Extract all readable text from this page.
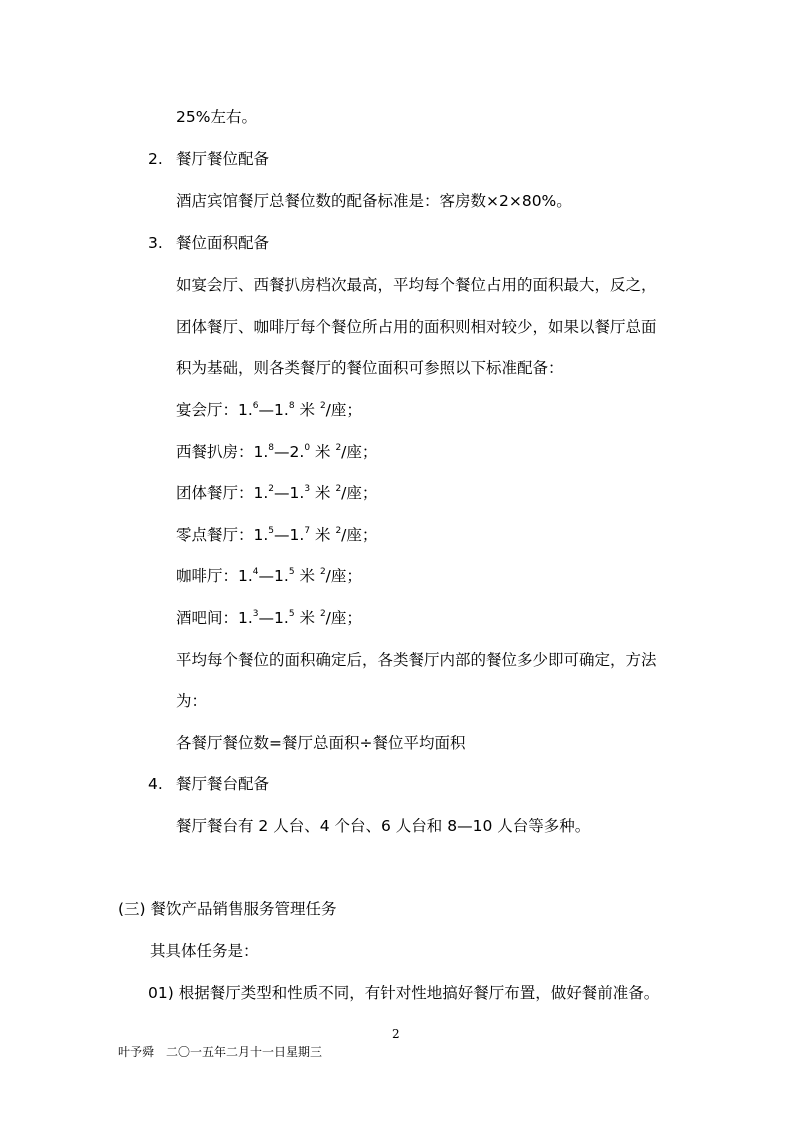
25%左右。
2. 餐厅餐位配备
酒店宾馆餐厅总餐位数的配备标准是：客房数×2×80%。
3. 餐位面积配备
如宴会厅、西餐扒房档次最高，平均每个餐位占用的面积最大，反之，
团体餐厅、咖啡厅每个餐位所占用的面积则相对较少，如果以餐厅总面
积为基础，则各类餐厅的餐位面积可参照以下标准配备：
宴会厅：1.$^6$—1.$^8$ 米 $^2$/座；
西餐扒房：1.$^8$—2.$^0$ 米 $^2$/座；
团体餐厅：1.$^2$—1.$^3$ 米 $^2$/座；
零点餐厅：1.$^5$—1.$^7$ 米 $^2$/座；
咖啡厅：1.$^4$—1.$^5$ 米 $^2$/座；
酒吧间：1.$^3$—1.$^5$ 米 $^2$/座；
平均每个餐位的面积确定后，各类餐厅内部的餐位多少即可确定，方法
为：
各餐厅餐位数=餐厅总面积÷餐位平均面积
4. 餐厅餐台配备
餐厅餐台有 2 人台、4 个台、6 人台和 8—10 人台等多种。
(三) 餐饮产品销售服务管理任务
其具体任务是：
01) 根据餐厅类型和性质不同，有针对性地搞好餐厅布置，做好餐前准备。
2
叶予舜 二〇一五年二月十一日星期三
